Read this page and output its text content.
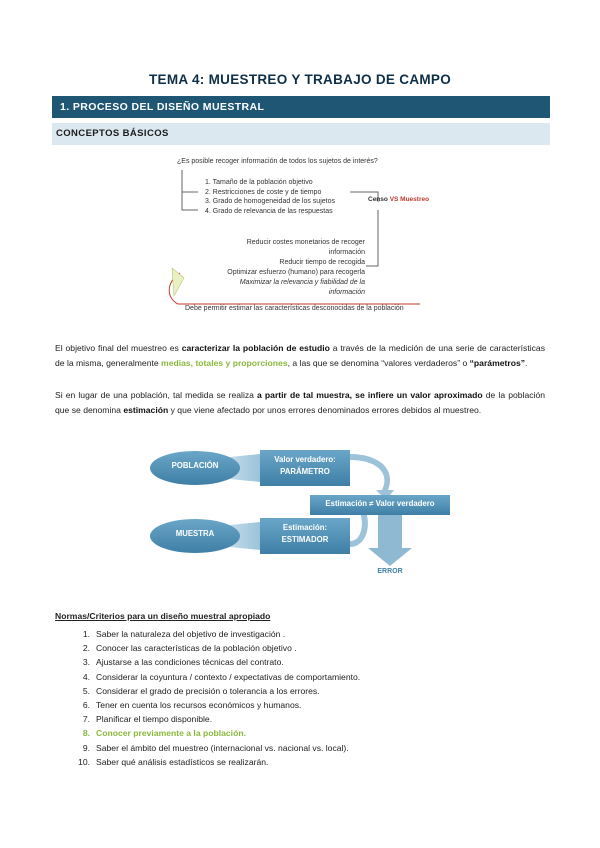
TEMA 4: MUESTREO Y TRABAJO DE CAMPO
1. PROCESO DEL DISEÑO MUESTRAL
CONCEPTOS BÁSICOS
¿Es posible recoger información de todos los sujetos de interés?
1. Tamaño de la población objetivo
2. Restricciones de coste y de tiempo
3. Grado de homogeneidad de los sujetos
4. Grado de relevancia de las respuestas
Censo VS Muestreo
Reducir costes monetarios de recoger información
Reducir tiempo de recogida
Optimizar esfuerzo (humano) para recogerla
Maximizar la relevancia y fiabilidad de la información
Debe permitir estimar las características desconocidas de la población
El objetivo final del muestreo es caracterizar la población de estudio a través de la medición de una serie de características de la misma, generalmente medias, totales y proporciones, a las que se denomina “valores verdaderos” o “parámetros”.
Si en lugar de una población, tal medida se realiza a partir de tal muestra, se infiere un valor aproximado de la población que se denomina estimación y que viene afectado por unos errores denominados errores debidos al muestreo.
POBLACIÓN
MUESTRA
Valor verdadero:
PARÁMETRO
Estimación:
ESTIMADOR
Estimación ≠ Valor verdadero
ERROR
Normas/Criterios para un diseño muestral apropiado
1. Saber la naturaleza del objetivo de investigación .
2. Conocer las características de la población objetivo .
3. Ajustarse a las condiciones técnicas del contrato.
4. Considerar la coyuntura / contexto / expectativas de comportamiento.
5. Considerar el grado de precisión o tolerancia a los errores.
6. Tener en cuenta los recursos económicos y humanos.
7. Planificar el tiempo disponible.
8. Conocer previamente a la población.
9. Saber el ámbito del muestreo (internacional vs. nacional vs. local).
10. Saber qué análisis estadísticos se realizarán.
